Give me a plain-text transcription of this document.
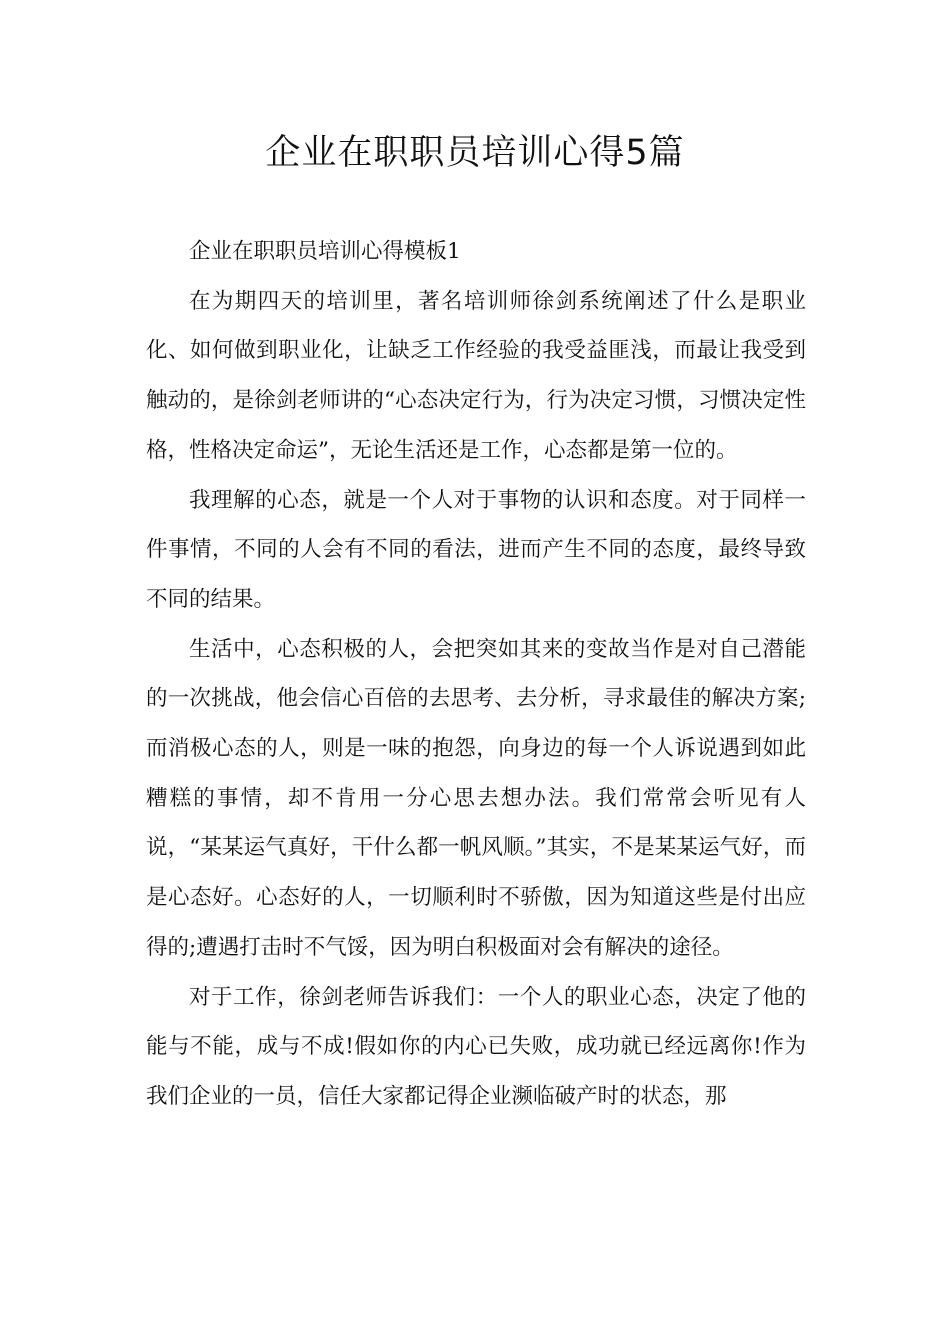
企业在职职员培训心得5篇

企业在职职员培训心得模板1

在为期四天的培训里，著名培训师徐剑系统阐述了什么是职业化、如何做到职业化，让缺乏工作经验的我受益匪浅，而最让我受到触动的，是徐剑老师讲的“心态决定行为，行为决定习惯，习惯决定性格，性格决定命运”，无论生活还是工作，心态都是第一位的。

我理解的心态，就是一个人对于事物的认识和态度。对于同样一件事情，不同的人会有不同的看法，进而产生不同的态度，最终导致不同的结果。

生活中，心态积极的人，会把突如其来的变故当作是对自己潜能的一次挑战，他会信心百倍的去思考、去分析，寻求最佳的解决方案;而消极心态的人，则是一味的抱怨，向身边的每一个人诉说遇到如此糟糕的事情，却不肯用一分心思去想办法。我们常常会听见有人说，“某某运气真好，干什么都一帆风顺。”其实，不是某某运气好，而是心态好。心态好的人，一切顺利时不骄傲，因为知道这些是付出应得的;遭遇打击时不气馁，因为明白积极面对会有解决的途径。

对于工作，徐剑老师告诉我们：一个人的职业心态，决定了他的能与不能，成与不成!假如你的内心已失败，成功就已经远离你!作为我们企业的一员，信任大家都记得企业濒临破产时的状态，那
